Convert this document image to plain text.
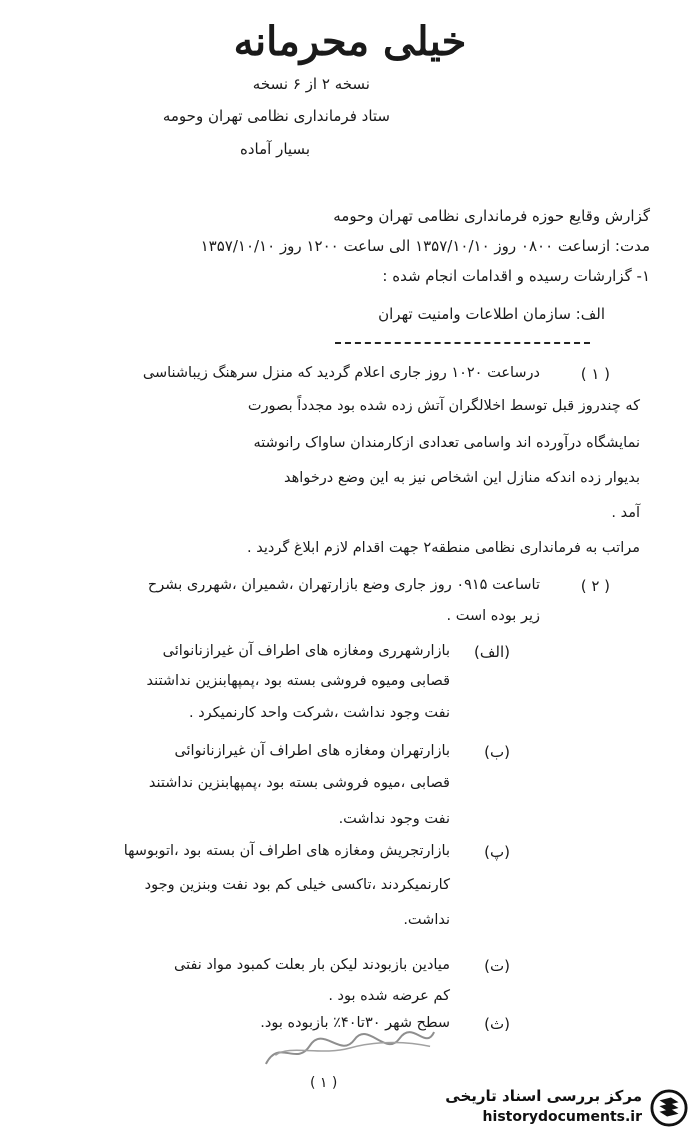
خیلی محرمانه
نسخه ۲ از ۶ نسخه
ستاد فرمانداری نظامی تهران وحومه
بسیار آماده
گزارش وقایع حوزه فرمانداری نظامی تهران وحومه
مدت: ازساعت ۰۸۰۰ روز ۱۳۵۷/۱۰/۱۰ الی ساعت ۱۲۰۰ روز ۱۳۵۷/۱۰/۱۰
۱- گزارشات رسیده و اقدامات انجام شده :
الف: سازمان اطلاعات وامنیت تهران
( ۱ )
درساعت ۱۰۲۰ روز جاری اعلام گردید که منزل سرهنگ زیباشناسی
که چندروز قبل توسط اخلالگران آتش زده شده بود مجدداً بصورت
نمایشگاه درآورده اند واسامی تعدادی ازکارمندان ساواک رانوشته
بدیوار زده اندکه منازل این اشخاص نیز به این وضع درخواهد
آمد .
مراتب به فرمانداری نظامی منطقه۲ جهت اقدام لازم ابلاغ گردید .
( ۲ )
تاساعت ۰۹۱۵ روز جاری وضع بازارتهران ،شمیران ،شهرری بشرح
زیر بوده است .
(الف)
بازارشهرری ومغازه های اطراف آن غیرازنانوائی
قصابی ومیوه فروشی بسته بود ،پمپهابنزین نداشتند
نفت وجود نداشت ،شرکت واحد کارنمیکرد .
(ب)
بازارتهران ومغازه های اطراف آن غیرازنانوائی
قصابی ،میوه فروشی بسته بود ،پمپهابنزین نداشتند
نفت وجود نداشت.
(پ)
بازارتجریش ومغازه های اطراف آن بسته بود ،اتوبوسها
کارنمیکردند ،تاکسی خیلی کم بود نفت وبنزین وجود
نداشت.
(ت)
میادین بازبودند لیکن بار بعلت کمبود مواد نفتی
کم عرضه شده بود .
(ث)
سطح شهر ۳۰تا۴۰٪ بازبوده بود.
( ۱ )
مرکز بررسی اسناد تاریخی
historydocuments.ir
